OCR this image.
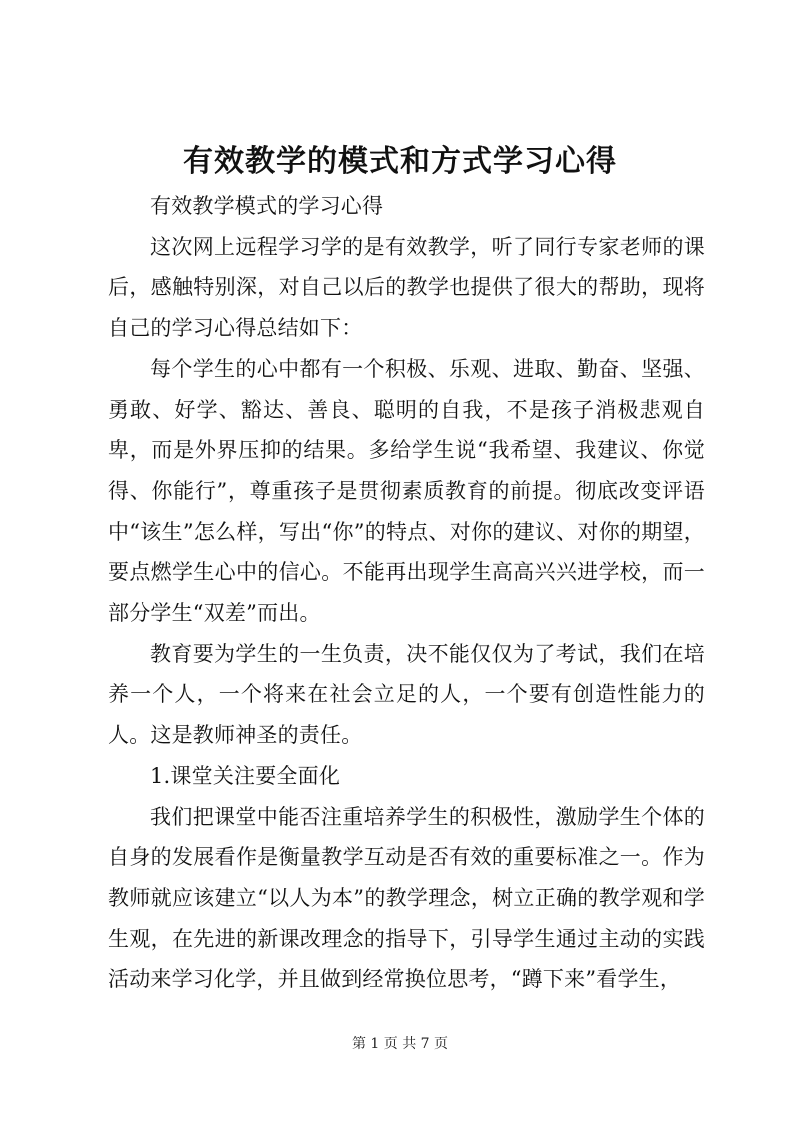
有效教学的模式和方式学习心得

有效教学模式的学习心得

这次网上远程学习学的是有效教学，听了同行专家老师的课后，感触特别深，对自己以后的教学也提供了很大的帮助，现将自己的学习心得总结如下：

每个学生的心中都有一个积极、乐观、进取、勤奋、坚强、勇敢、好学、豁达、善良、聪明的自我，不是孩子消极悲观自卑，而是外界压抑的结果。多给学生说“我希望、我建议、你觉得、你能行”，尊重孩子是贯彻素质教育的前提。彻底改变评语中“该生”怎么样，写出“你”的特点、对你的建议、对你的期望，要点燃学生心中的信心。不能再出现学生高高兴兴进学校，而一部分学生“双差”而出。

教育要为学生的一生负责，决不能仅仅为了考试，我们在培养一个人，一个将来在社会立足的人，一个要有创造性能力的人。这是教师神圣的责任。

1.课堂关注要全面化

我们把课堂中能否注重培养学生的积极性，激励学生个体的自身的发展看作是衡量教学互动是否有效的重要标准之一。作为教师就应该建立“以人为本”的教学理念，树立正确的教学观和学生观，在先进的新课改理念的指导下，引导学生通过主动的实践活动来学习化学，并且做到经常换位思考，“蹲下来”看学生，

第 1 页 共 7 页
